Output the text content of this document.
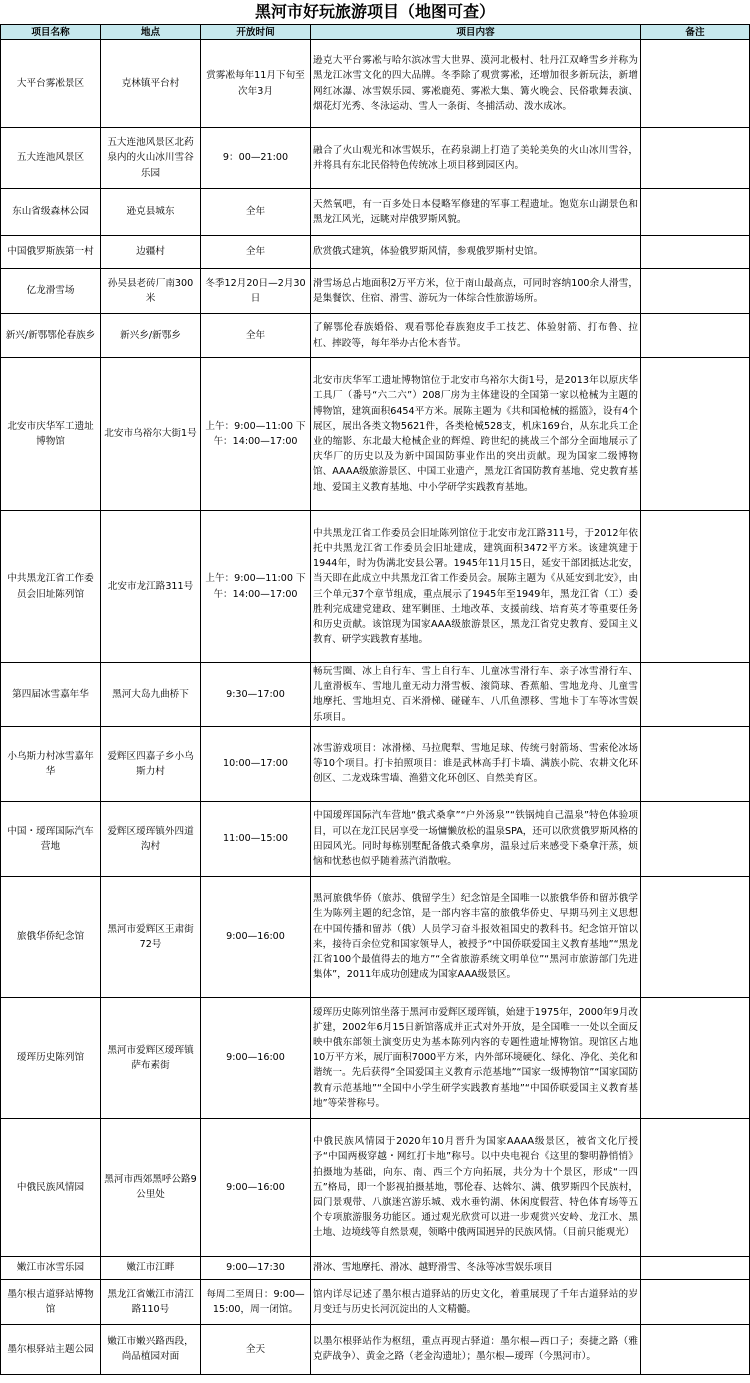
黑河市好玩旅游项目（地图可查）
项目名称	地点	开放时间	项目内容	备注
大平台雾凇景区	克林镇平台村	赏雾凇每年11月下旬至次年3月	逊克大平台雾凇与哈尔滨冰雪大世界、漠河北极村、牡丹江双峰雪乡并称为黑龙江冰雪文化的四大品牌。冬季除了观赏雾凇，还增加很多新玩法，新增网红冰瀑、冰雪娱乐园、雾凇鹿苑、雾凇大集、篝火晚会、民俗歌舞表演、烟花灯光秀、冬泳运动、雪人一条街、冬捕活动、泼水成冰。	
五大连池风景区	五大连池风景区北药泉内的火山冰川雪谷乐园	9：00—21:00	融合了火山观光和冰雪娱乐，在药泉湖上打造了美轮美奂的火山冰川雪谷，并将具有东北民俗特色传统冰上项目移到园区内。	
东山省级森林公园	逊克县城东	全年	天然氧吧，有一百多处日本侵略军修建的军事工程遗址。饱览东山湖景色和黑龙江风光，远眺对岸俄罗斯风貌。	
中国俄罗斯族第一村	边疆村	全年	欣赏俄式建筑，体验俄罗斯风情，参观俄罗斯村史馆。	
亿龙滑雪场	孙吴县老砖厂南300米	冬季12月20日—2月30日	滑雪场总占地面积2万平方米，位于南山最高点，可同时容纳100余人滑雪，是集餐饮、住宿、滑雪、游玩为一体综合性旅游场所。	
新兴/新鄂鄂伦春族乡	新兴乡/新鄂乡	全年	了解鄂伦春族婚俗、观看鄂伦春族狍皮手工技艺、体验射箭、打布鲁、拉杠、摔跤等，每年举办古伦木沓节。	
北安市庆华军工遗址博物馆	北安市乌裕尔大街1号	上午：9:00—11:00 下午：14:00—17:00	北安市庆华军工遗址博物馆位于北安市乌裕尔大街1号，是2013年以原庆华工具厂（番号“六二六”）208厂房为主体建设的全国第一家以枪械为主题的博物馆，建筑面积6454平方米。展陈主题为《共和国枪械的摇篮》，设有4个展区，展出各类文物5621件，各类枪械528支，机床169台，从东北兵工企业的缩影、东北最大枪械企业的辉煌、跨世纪的挑战三个部分全面地展示了庆华厂的历史以及为新中国国防事业作出的突出贡献。现为国家二级博物馆、AAAA级旅游景区、中国工业遗产，黑龙江省国防教育基地、党史教育基地、爱国主义教育基地、中小学研学实践教育基地。	
中共黑龙江省工作委员会旧址陈列馆	北安市龙江路311号	上午：9:00—11:00 下午：14:00—17:00	中共黑龙江省工作委员会旧址陈列馆位于北安市龙江路311号，于2012年依托中共黑龙江省工作委员会旧址建成，建筑面积3472平方米。该建筑建于1944年，时为伪满北安县公署。1945年11月15日，延安干部团抵达北安，当天即在此成立中共黑龙江省工作委员会。展陈主题为《从延安到北安》，由三个单元37个章节组成，重点展示了1945年至1949年，黑龙江省（工）委胜利完成建党建政、建军剿匪、土地改革、支援前线、培育英才等重要任务和历史贡献。该馆现为国家AAA级旅游景区，黑龙江省党史教育、爱国主义教育、研学实践教育基地。	
第四届冰雪嘉年华	黑河大岛九曲桥下	9:30—17:00	畅玩雪圈、冰上自行车、雪上自行车、儿童冰雪滑行车、亲子冰雪滑行车、儿童滑板车、雪地儿童无动力滑雪板、滚筒球、香蕉船、雪地龙舟、儿童雪地摩托、雪地坦克、百米滑梯、碰碰车、八爪鱼漂移、雪地卡丁车等冰雪娱乐项目。	
小乌斯力村冰雪嘉年华	爱辉区四嘉子乡小乌斯力村	10:00—17:00	冰雪游戏项目：冰滑梯、马拉爬犁、雪地足球、传统弓射箭场、雪索伦冰场等10个项目。打卡拍照项目：谁是武林高手打卡墙、满族小院、农耕文化环创区、二龙戏珠雪墙、渔猎文化环创区、自然美育区。	
中国・瑷珲国际汽车营地	爱辉区瑷珲镇外四道沟村	11:00—15:00	中国瑷珲国际汽车营地“俄式桑拿”“户外汤泉”“铁锅炖自己温泉”特色体验项目，可以在龙江民居享受一场慵懒放松的温泉SPA，还可以欣赏俄罗斯风格的田园风光。同时每栋别墅配备俄式桑拿房，温泉过后来感受下桑拿汗蒸，烦恼和忧愁也似乎随着蒸汽消散啦。	
旅俄华侨纪念馆	黑河市爱辉区王肃街72号	9:00—16:00	黑河旅俄华侨（旅苏、俄留学生）纪念馆是全国唯一以旅俄华侨和留苏俄学生为陈列主题的纪念馆，是一部内容丰富的旅俄华侨史、早期马列主义思想在中国传播和留苏（俄）人员学习奋斗报效祖国史的教科书。纪念馆开馆以来，接待百余位党和国家领导人，被授予“中国侨联爱国主义教育基地”“黑龙江省100个最值得去的地方”“全省旅游系统文明单位”“黑河市旅游部门先进集体”，2011年成功创建成为国家AAA级景区。	
瑷珲历史陈列馆	黑河市爱辉区瑷珲镇萨布素街	9:00—16:00	瑷珲历史陈列馆坐落于黑河市爱辉区瑷珲镇，始建于1975年，2000年9月改扩建，2002年6月15日新馆落成并正式对外开放，是全国唯一一处以全面反映中俄东部领土演变历史为基本陈列内容的专题性遗址博物馆。现馆区占地10万平方米，展厅面积7000平方米，内外部环境硬化、绿化、净化、美化和谐统一。先后获得“全国爱国主义教育示范基地”“国家一级博物馆”“国家国防教育示范基地”“全国中小学生研学实践教育基地”“中国侨联爱国主义教育基地”等荣誉称号。	
中俄民族风情园	黑河市西郊黑呼公路9公里处	9:00—16:00	中俄民族风情园于2020年10月晋升为国家AAAA级景区，被省文化厅授予“中国两极穿越・网红打卡地”称号。以中央电视台《这里的黎明静悄悄》拍摄地为基础，向东、南、西三个方向拓展，共分为十个景区，形成“一四五”格局，即一个影视拍摄基地，鄂伦春、达斡尔、满、俄罗斯四个民族村，园门景观带、八旗迷宫游乐城、戏水垂钓湖、休闲度假营、特色体育场等五个专项旅游服务功能区。通过观光欣赏可以进一步观赏兴安岭、龙江水、黑土地、边境线等自然景观，领略中俄两国迥异的民族风情。（目前只能观光）	
嫩江市冰雪乐园	嫩江市江畔	9:00—17:30	滑冰、雪地摩托、滑冰、越野滑雪、冬泳等冰雪娱乐项目	
墨尔根古道驿站博物馆	黑龙江省嫩江市清江路110号	每周二至周日：9:00—15:00，周一闭馆。	馆内详尽记述了墨尔根古道驿站的历史文化，着重展现了千年古道驿站的岁月变迁与历史长河沉淀出的人文精髓。	
墨尔根驿站主题公园	嫩江市嫩兴路西段，尚品植园对面	全天	以墨尔根驿站作为枢纽，重点再现古驿道：墨尔根—西口子；奏捷之路（雅克萨战争）、黄金之路（老金沟遗址）；墨尔根—瑷珲（今黑河市）。	
